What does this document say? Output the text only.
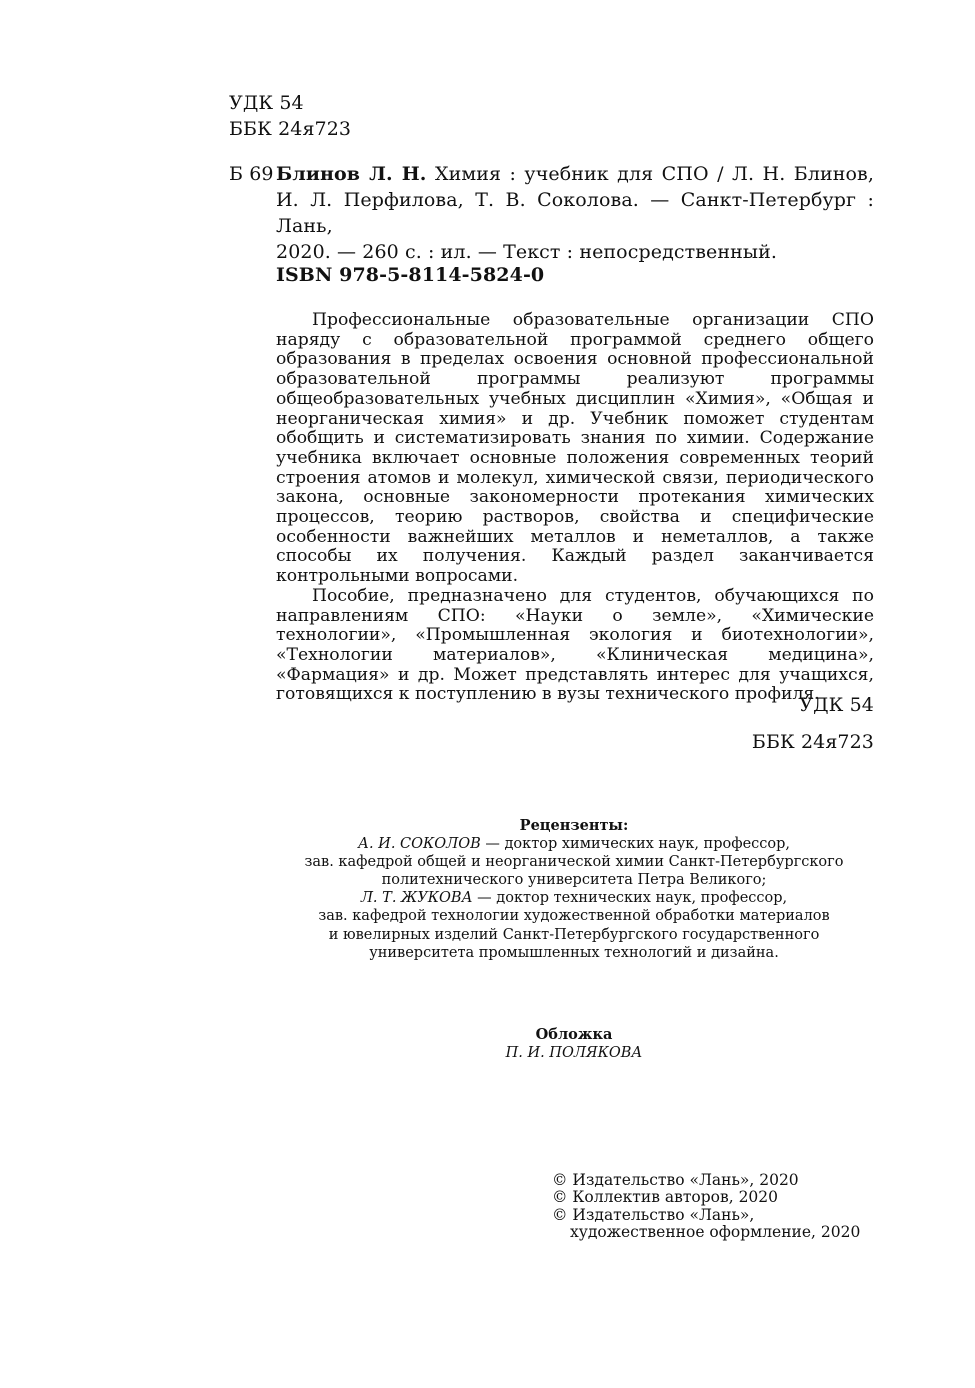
УДК 54
ББК 24я723
Б 69 Блинов Л. Н. Химия : учебник для СПО / Л. Н. Блинов,
И. Л. Перфилова, Т. В. Соколова. — Санкт-Петербург : Лань,
2020. — 260 с. : ил. — Текст : непосредственный.
ISBN 978-5-8114-5824-0

Профессиональные образовательные организации СПО наряду с образовательной программой среднего общего образования в пределах освоения основной профессиональной образовательной программы реализуют программы общеобразовательных учебных дисциплин «Химия», «Общая и неорганическая химия» и др. Учебник поможет студентам обобщить и систематизировать знания по химии. Содержание учебника включает основные положения современных теорий строения атомов и молекул, химической связи, периодического закона, основные закономерности протекания химических процессов, теорию растворов, свойства и специфические особенности важнейших металлов и неметаллов, а также способы их получения. Каждый раздел заканчивается контрольными вопросами.

Пособие, предназначено для студентов, обучающихся по направлениям СПО: «Науки о земле», «Химические технологии», «Промышленная экология и биотехнологии», «Технологии материалов», «Клиническая медицина», «Фармация» и др. Может представлять интерес для учащихся, готовящихся к поступлению в вузы технического профиля.

УДК 54
ББК 24я723
Рецензенты:
А. И. СОКОЛОВ — доктор химических наук, профессор,
зав. кафедрой общей и неорганической химии Санкт-Петербургского
политехнического университета Петра Великого;
Л. Т. ЖУКОВА — доктор технических наук, профессор,
зав. кафедрой технологии художественной обработки материалов
и ювелирных изделий Санкт-Петербургского государственного
университета промышленных технологий и дизайна.
Обложка
П. И. ПОЛЯКОВА
© Издательство «Лань», 2020
© Коллектив авторов, 2020
© Издательство «Лань»,
художественное оформление, 2020
